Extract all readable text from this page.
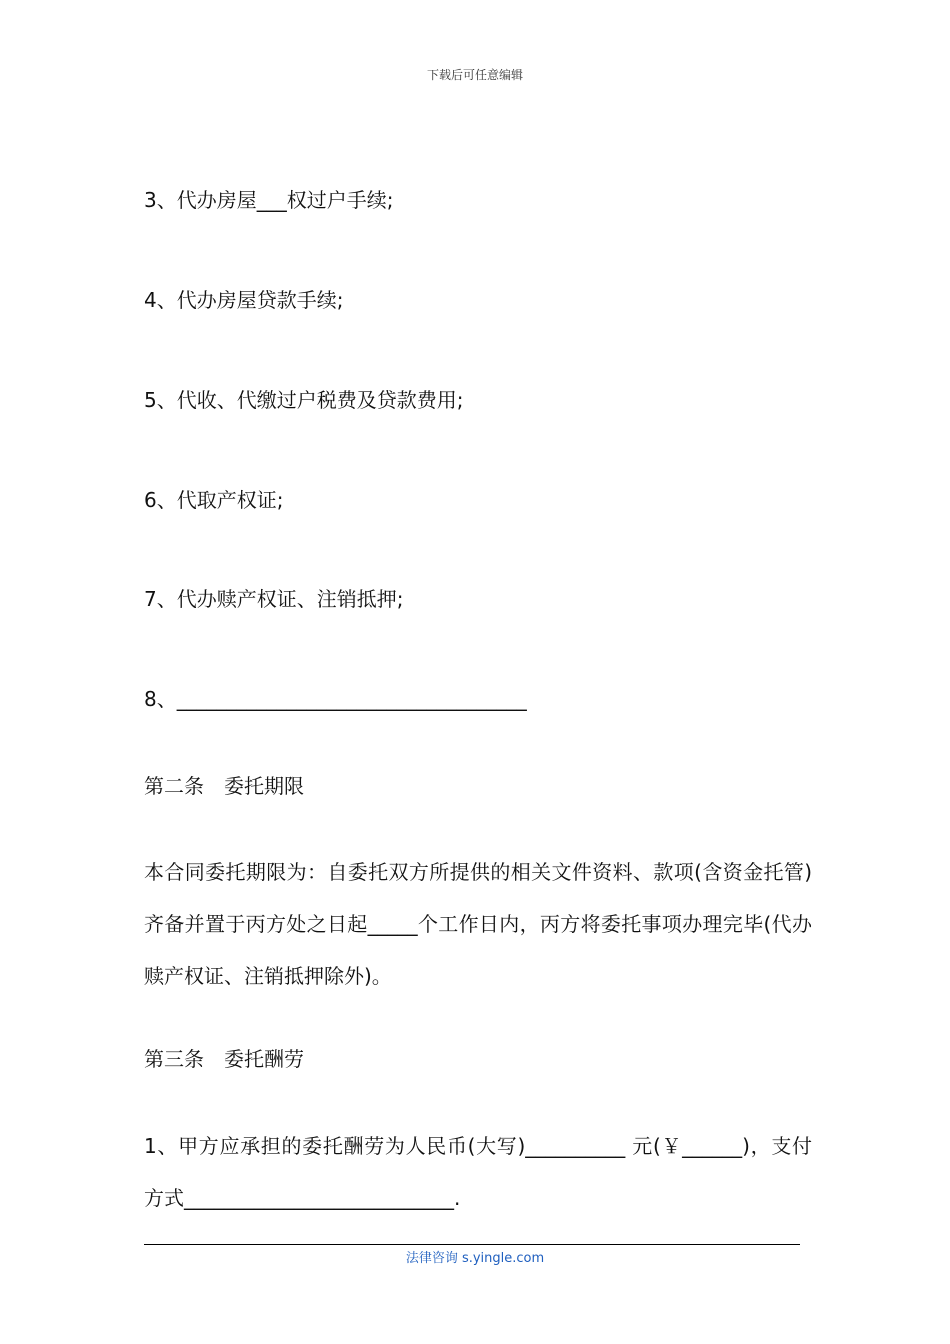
下载后可任意编辑
3、代办房屋___权过户手续;
4、代办房屋贷款手续;
5、代收、代缴过户税费及贷款费用;
6、代取产权证;
7、代办赎产权证、注销抵押;
8、___________________________________
第二条　委托期限
本合同委托期限为：自委托双方所提供的相关文件资料、款项(含资金托管)齐备并置于丙方处之日起_____个工作日内，丙方将委托事项办理完毕(代办赎产权证、注销抵押除外)。
第三条　委托酬劳
1、甲方应承担的委托酬劳为人民币(大写)__________ 元(￥______)，支付方式___________________________.
法律咨询 s.yingle.com
